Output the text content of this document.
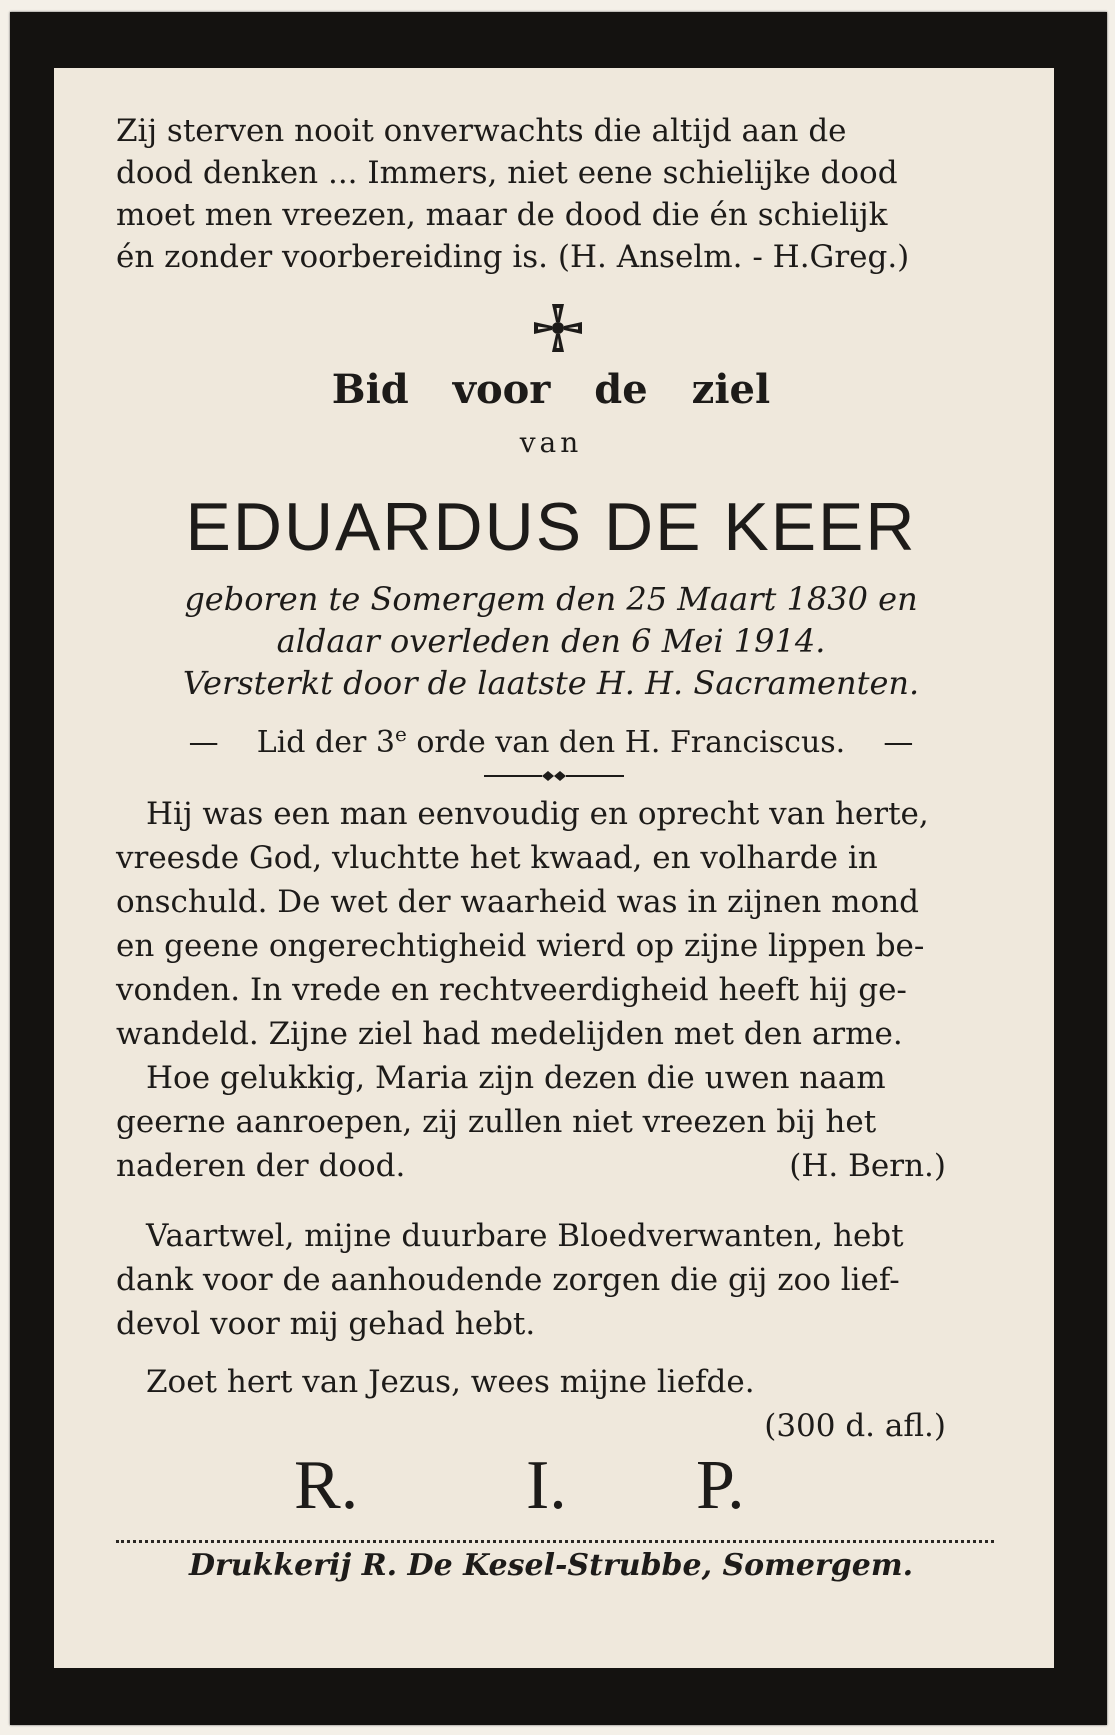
Zij sterven nooit onverwachts die altijd aan de

dood denken ... Immers, niet eene schielijke dood

moet men vreezen, maar de dood die én schielijk

én zonder voorbereiding is. (H. Anselm. - H.Greg.)

Bid voor de ziel
van
EDUARDUS DE KEER
geboren te Somergem den 25 Maart 1830 en
aldaar overleden den 6 Mei 1914.
Versterkt door de laatste H. H. Sacramenten.
— Lid der 3e orde van den H. Franciscus. —
Hij was een man eenvoudig en oprecht van herte,
vreesde God, vluchtte het kwaad, en volharde in
onschuld. De wet der waarheid was in zijnen mond
en geene ongerechtigheid wierd op zijne lippen be-
vonden. In vrede en rechtveerdigheid heeft hij ge-
wandeld. Zijne ziel had medelijden met den arme.
Hoe gelukkig, Maria zijn dezen die uwen naam
geerne aanroepen, zij zullen niet vreezen bij het
naderen der dood.	(H. Bern.)
Vaartwel, mijne duurbare Bloedverwanten, hebt
dank voor de aanhoudende zorgen die gij zoo lief-
devol voor mij gehad hebt.
Zoet hert van Jezus, wees mijne liefde.
(300 d. afl.)
R. I. P.
Drukkerij R. De Kesel-Strubbe, Somergem.
